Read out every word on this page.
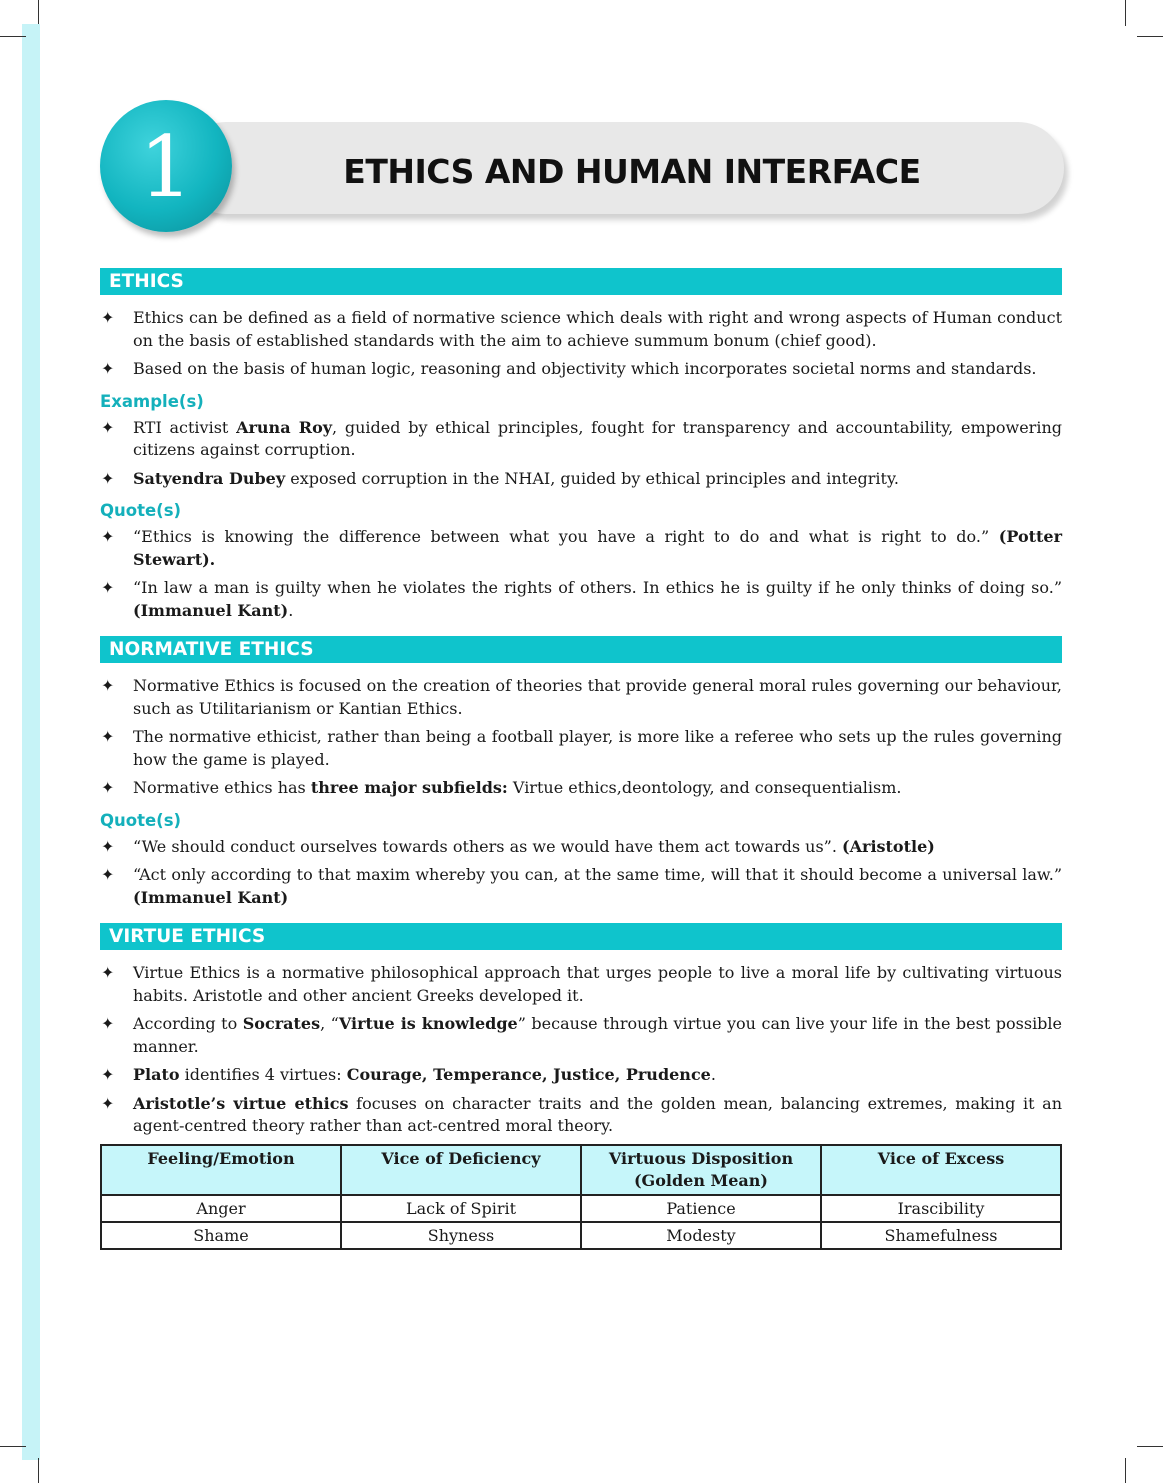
1	ETHICS AND HUMAN INTERFACE
ETHICS
✦ Ethics can be defined as a field of normative science which deals with right and wrong aspects of Human conduct on the basis of established standards with the aim to achieve summum bonum (chief good).
✦ Based on the basis of human logic, reasoning and objectivity which incorporates societal norms and standards.
Example(s)
✦ RTI activist Aruna Roy, guided by ethical principles, fought for transparency and accountability, empowering citizens against corruption.
✦ Satyendra Dubey exposed corruption in the NHAI, guided by ethical principles and integrity.
Quote(s)
✦ “Ethics is knowing the difference between what you have a right to do and what is right to do.” (Potter Stewart).
✦ “In law a man is guilty when he violates the rights of others. In ethics he is guilty if he only thinks of doing so.” (Immanuel Kant).
NORMATIVE ETHICS
✦ Normative Ethics is focused on the creation of theories that provide general moral rules governing our behaviour, such as Utilitarianism or Kantian Ethics.
✦ The normative ethicist, rather than being a football player, is more like a referee who sets up the rules governing how the game is played.
✦ Normative ethics has three major subfields: Virtue ethics,deontology, and consequentialism.
Quote(s)
✦ “We should conduct ourselves towards others as we would have them act towards us”. (Aristotle)
✦ “Act only according to that maxim whereby you can, at the same time, will that it should become a universal law.” (Immanuel Kant)
VIRTUE ETHICS
✦ Virtue Ethics is a normative philosophical approach that urges people to live a moral life by cultivating virtuous habits. Aristotle and other ancient Greeks developed it.
✦ According to Socrates, “Virtue is knowledge” because through virtue you can live your life in the best possible manner.
✦ Plato identifies 4 virtues: Courage, Temperance, Justice, Prudence.
✦ Aristotle’s virtue ethics focuses on character traits and the golden mean, balancing extremes, making it an agent-centred theory rather than act-centred moral theory.
Feeling/Emotion	Vice of Deficiency	Virtuous Disposition (Golden Mean)	Vice of Excess
Anger	Lack of Spirit	Patience	Irascibility
Shame	Shyness	Modesty	Shamefulness
